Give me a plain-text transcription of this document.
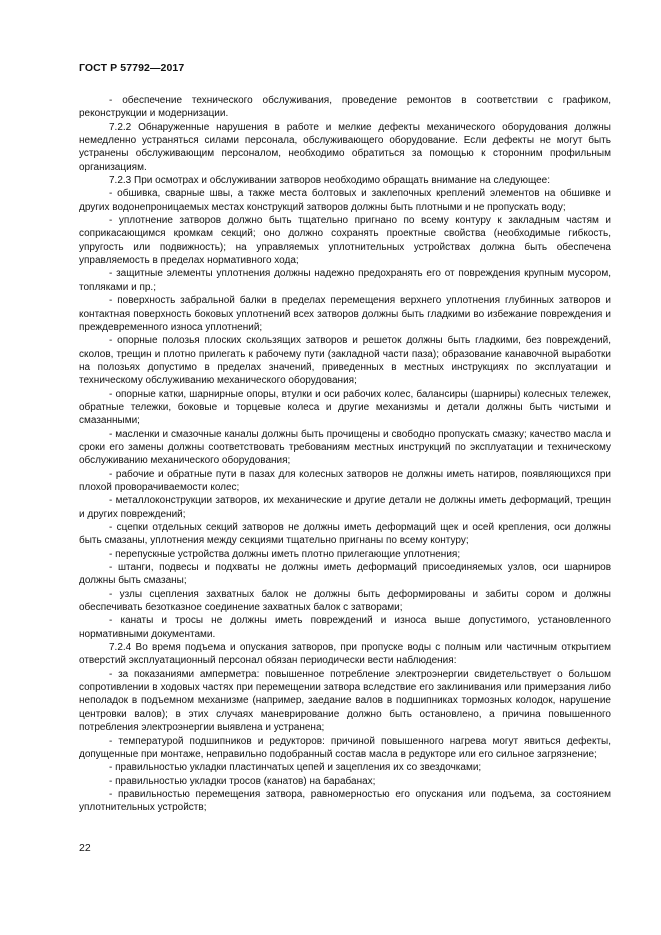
ГОСТ Р 57792—2017

- обеспечение технического обслуживания, проведение ремонтов в соответствии с графиком, реконструкции и модернизации.

7.2.2 Обнаруженные нарушения в работе и мелкие дефекты механического оборудования должны немедленно устраняться силами персонала, обслуживающего оборудование. Если дефекты не могут быть устранены обслуживающим персоналом, необходимо обратиться за помощью к сторонним профильным организациям.

7.2.3 При осмотрах и обслуживании затворов необходимо обращать внимание на следующее:

- обшивка, сварные швы, а также места болтовых и заклепочных креплений элементов на обшивке и других водонепроницаемых местах конструкций затворов должны быть плотными и не пропускать воду;

- уплотнение затворов должно быть тщательно пригнано по всему контуру к закладным частям и соприкасающимся кромкам секций; оно должно сохранять проектные свойства (необходимые гибкость, упругость или подвижность); на управляемых уплотнительных устройствах должна быть обеспечена управляемость в пределах нормативного хода;

- защитные элементы уплотнения должны надежно предохранять его от повреждения крупным мусором, топляками и пр.;

- поверхность забральной балки в пределах перемещения верхнего уплотнения глубинных затворов и контактная поверхность боковых уплотнений всех затворов должны быть гладкими во избежание повреждения и преждевременного износа уплотнений;

- опорные полозья плоских скользящих затворов и решеток должны быть гладкими, без повреждений, сколов, трещин и плотно прилегать к рабочему пути (закладной части паза); образование канавочной выработки на полозьях допустимо в пределах значений, приведенных в местных инструкциях по эксплуатации и техническому обслуживанию механического оборудования;

- опорные катки, шарнирные опоры, втулки и оси рабочих колес, балансиры (шарниры) колесных тележек, обратные тележки, боковые и торцевые колеса и другие механизмы и детали должны быть чистыми и смазанными;

- масленки и смазочные каналы должны быть прочищены и свободно пропускать смазку; качество масла и сроки его замены должны соответствовать требованиям местных инструкций по эксплуатации и техническому обслуживанию механического оборудования;

- рабочие и обратные пути в пазах для колесных затворов не должны иметь натиров, появляющихся при плохой проворачиваемости колес;

- металлоконструкции затворов, их механические и другие детали не должны иметь деформаций, трещин и других повреждений;

- сцепки отдельных секций затворов не должны иметь деформаций щек и осей крепления, оси должны быть смазаны, уплотнения между секциями тщательно пригнаны по всему контуру;

- перепускные устройства должны иметь плотно прилегающие уплотнения;

- штанги, подвесы и подхваты не должны иметь деформаций присоединяемых узлов, оси шарниров должны быть смазаны;

- узлы сцепления захватных балок не должны быть деформированы и забиты сором и должны обеспечивать безотказное соединение захватных балок с затворами;

- канаты и тросы не должны иметь повреждений и износа выше допустимого, установленного нормативными документами.

7.2.4 Во время подъема и опускания затворов, при пропуске воды с полным или частичным открытием отверстий эксплуатационный персонал обязан периодически вести наблюдения:

- за показаниями амперметра: повышенное потребление электроэнергии свидетельствует о большом сопротивлении в ходовых частях при перемещении затвора вследствие его заклинивания или примерзания либо неполадок в подъемном механизме (например, заедание валов в подшипниках тормозных колодок, нарушение центровки валов); в этих случаях маневрирование должно быть остановлено, а причина повышенного потребления электроэнергии выявлена и устранена;

- температурой подшипников и редукторов: причиной повышенного нагрева могут явиться дефекты, допущенные при монтаже, неправильно подобранный состав масла в редукторе или его сильное загрязнение;

- правильностью укладки пластинчатых цепей и зацепления их со звездочками;

- правильностью укладки тросов (канатов) на барабанах;

- правильностью перемещения затвора, равномерностью его опускания или подъема, за состоянием уплотнительных устройств;

22
